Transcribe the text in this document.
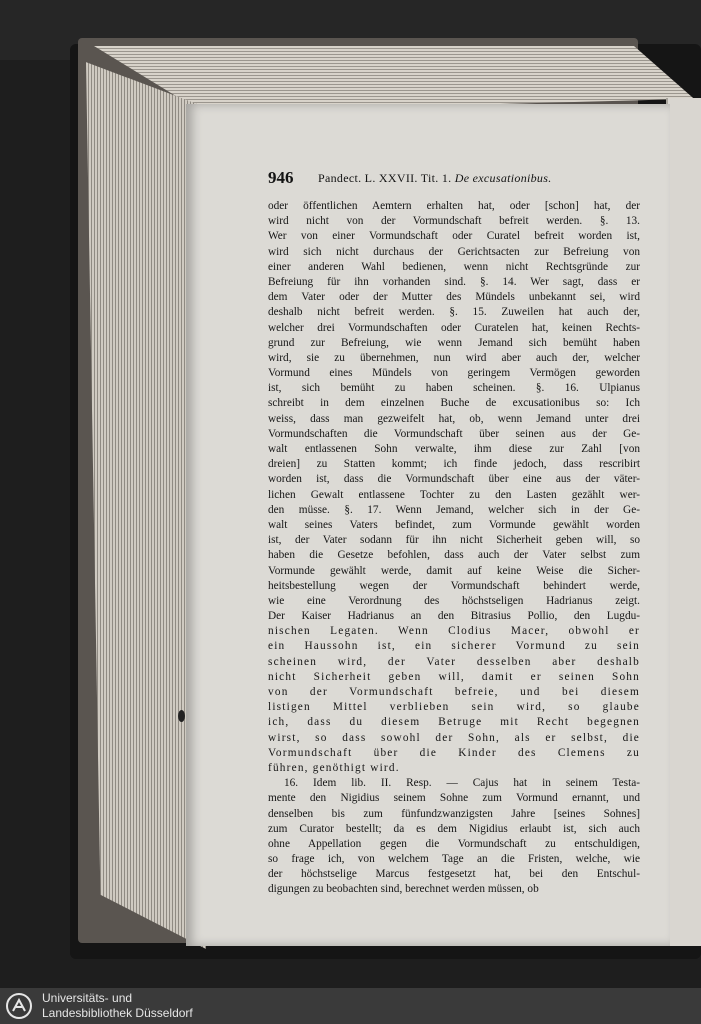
946 Pandect. L. XXVII. Tit. 1. De excusationibus.
oder öffentlichen Aemtern erhalten hat, oder [schon] hat, der
wird nicht von der Vormundschaft befreit werden. §. 13.
Wer von einer Vormundschaft oder Curatel befreit worden ist,
wird sich nicht durchaus der Gerichtsacten zur Befreiung von
einer anderen Wahl bedienen, wenn nicht Rechtsgründe zur
Befreiung für ihn vorhanden sind. §. 14. Wer sagt, dass er
dem Vater oder der Mutter des Mündels unbekannt sei, wird
deshalb nicht befreit werden. §. 15. Zuweilen hat auch der,
welcher drei Vormundschaften oder Curatelen hat, keinen Rechts-
grund zur Befreiung, wie wenn Jemand sich bemüht haben
wird, sie zu übernehmen, nun wird aber auch der, welcher
Vormund eines Mündels von geringem Vermögen geworden
ist, sich bemüht zu haben scheinen. §. 16. Ulpianus
schreibt in dem einzelnen Buche de excusationibus so: Ich
weiss, dass man gezweifelt hat, ob, wenn Jemand unter drei
Vormundschaften die Vormundschaft über seinen aus der Ge-
walt entlassenen Sohn verwalte, ihm diese zur Zahl [von
dreien] zu Statten kommt; ich finde jedoch, dass rescribirt
worden ist, dass die Vormundschaft über eine aus der väter-
lichen Gewalt entlassene Tochter zu den Lasten gezählt wer-
den müsse. §. 17. Wenn Jemand, welcher sich in der Ge-
walt seines Vaters befindet, zum Vormunde gewählt worden
ist, der Vater sodann für ihn nicht Sicherheit geben will, so
haben die Gesetze befohlen, dass auch der Vater selbst zum
Vormunde gewählt werde, damit auf keine Weise die Sicher-
heitsbestellung wegen der Vormundschaft behindert werde,
wie eine Verordnung des höchstseligen Hadrianus zeigt.
Der Kaiser Hadrianus an den Bitrasius Pollio, den Lugdu-
nischen Legaten. Wenn Clodius Macer, obwohl er
ein Haussohn ist, ein sicherer Vormund zu sein
scheinen wird, der Vater desselben aber deshalb
nicht Sicherheit geben will, damit er seinen Sohn
von der Vormundschaft befreie, und bei diesem
listigen Mittel verblieben sein wird, so glaube
ich, dass du diesem Betruge mit Recht begegnen
wirst, so dass sowohl der Sohn, als er selbst, die
Vormundschaft über die Kinder des Clemens zu
führen, genöthigt wird.
16. Idem lib. II. Resp. — Cajus hat in seinem Testa-
mente den Nigidius seinem Sohne zum Vormund ernannt, und
denselben bis zum fünfundzwanzigsten Jahre [seines Sohnes]
zum Curator bestellt; da es dem Nigidius erlaubt ist, sich auch
ohne Appellation gegen die Vormundschaft zu entschuldigen,
so frage ich, von welchem Tage an die Fristen, welche, wie
der höchstselige Marcus festgesetzt hat, bei den Entschul-
digungen zu beobachten sind, berechnet werden müssen, ob
Universitäts- und
Landesbibliothek Düsseldorf
